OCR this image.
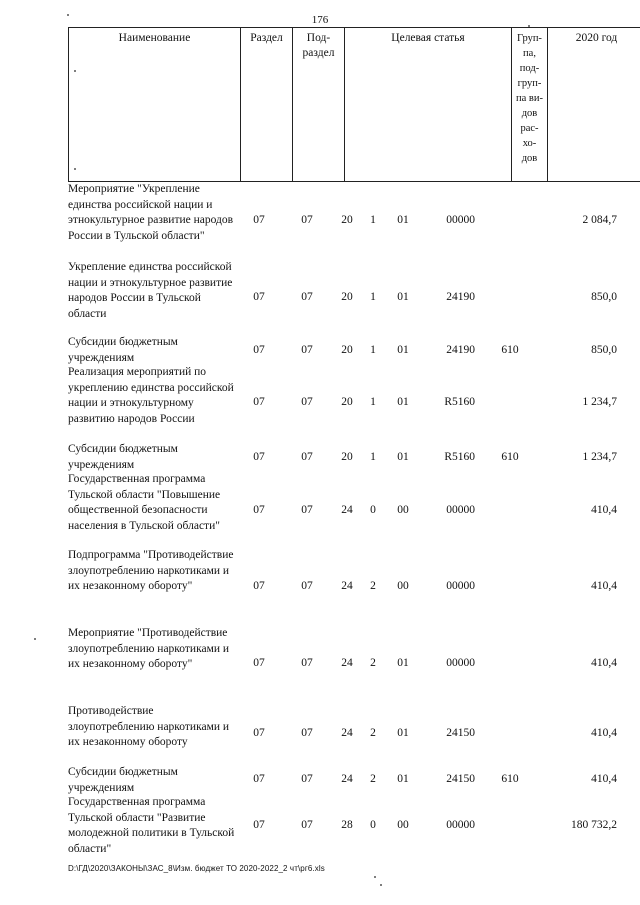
176
Наименование	Раздел	Под-
раздел	Целевая статья	Груп-
па,
под-
груп-
па ви-
дов
рас-
хо-
дов	2020 год
Мероприятие "Укрепление единства российской нации и этнокультурное развитие народов России в Тульской области"
07	07	20 1	01	00000	2 084,7
Укрепление единства российской нации и этнокультурное развитие народов России в Тульской области
07	07	20 1	01	24190	850,0
Субсидии бюджетным учреждениям
07	07	20 1	01	24190 610	850,0
Реализация мероприятий по укреплению единства российской нации и этнокультурному развитию народов России
07	07	20 1	01	R5160	1 234,7
Субсидии бюджетным учреждениям
07	07	20 1	01	R5160 610	1 234,7
Государственная программа Тульской области "Повышение общественной безопасности населения в Тульской области"
07	07	24 0	00	00000	410,4
Подпрограмма "Противодействие злоупотреблению наркотиками и их незаконному обороту"	07	07	24 2	00	00000	410,4
Мероприятие "Противодействие злоупотреблению наркотиками и их незаконному обороту"	07	07	24 2	01	00000	410,4
Противодействие злоупотреблению наркотиками и их незаконному обороту
07	07	24 2	01	24150	410,4
Субсидии бюджетным учреждениям
07	07	24 2	01	24150 610	410,4
Государственная программа Тульской области "Развитие молодежной политики в Тульской области"
07	07	28 0	00	00000	180 732,2
D:\ГД\2020\ЗАКОНЫ\ЗАС_8\Изм. бюджет ТО 2020-2022_2 чт\рг6.xls
